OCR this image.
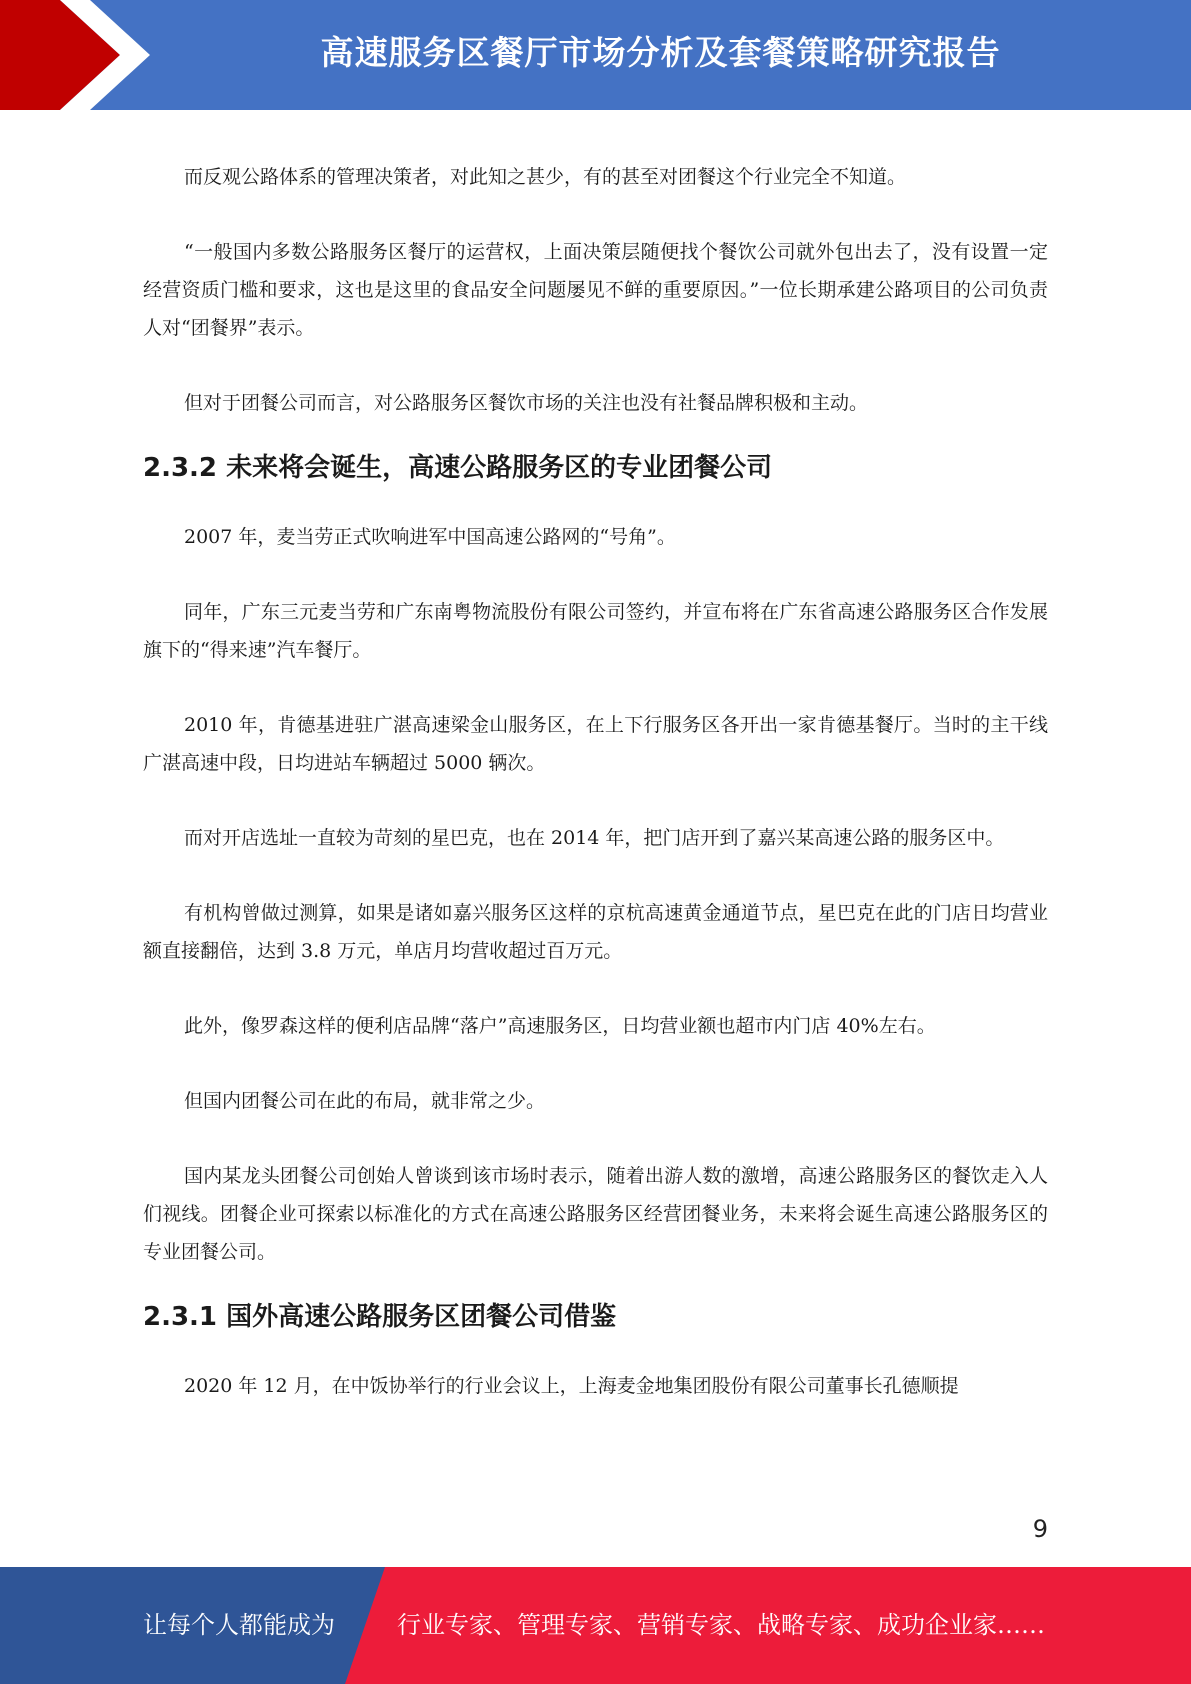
高速服务区餐厅市场分析及套餐策略研究报告

而反观公路体系的管理决策者，对此知之甚少，有的甚至对团餐这个行业完全不知道。

“一般国内多数公路服务区餐厅的运营权，上面决策层随便找个餐饮公司就外包出去了，没有设置一定经营资质门槛和要求，这也是这里的食品安全问题屡见不鲜的重要原因。”一位长期承建公路项目的公司负责人对“团餐界”表示。

但对于团餐公司而言，对公路服务区餐饮市场的关注也没有社餐品牌积极和主动。

2.3.2 未来将会诞生，高速公路服务区的专业团餐公司

2007 年，麦当劳正式吹响进军中国高速公路网的“号角”。

同年，广东三元麦当劳和广东南粤物流股份有限公司签约，并宣布将在广东省高速公路服务区合作发展旗下的“得来速”汽车餐厅。

2010 年，肯德基进驻广湛高速梁金山服务区，在上下行服务区各开出一家肯德基餐厅。当时的主干线广湛高速中段，日均进站车辆超过 5000 辆次。

而对开店选址一直较为苛刻的星巴克，也在 2014 年，把门店开到了嘉兴某高速公路的服务区中。

有机构曾做过测算，如果是诸如嘉兴服务区这样的京杭高速黄金通道节点，星巴克在此的门店日均营业额直接翻倍，达到 3.8 万元，单店月均营收超过百万元。

此外，像罗森这样的便利店品牌“落户”高速服务区，日均营业额也超市内门店 40%左右。

但国内团餐公司在此的布局，就非常之少。

国内某龙头团餐公司创始人曾谈到该市场时表示，随着出游人数的激增，高速公路服务区的餐饮走入人们视线。团餐企业可探索以标准化的方式在高速公路服务区经营团餐业务，未来将会诞生高速公路服务区的专业团餐公司。

2.3.1 国外高速公路服务区团餐公司借鉴

2020 年 12 月，在中饭协举行的行业会议上，上海麦金地集团股份有限公司董事长孔德顺提

9
让每个人都能成为	行业专家、管理专家、营销专家、战略专家、成功企业家……
